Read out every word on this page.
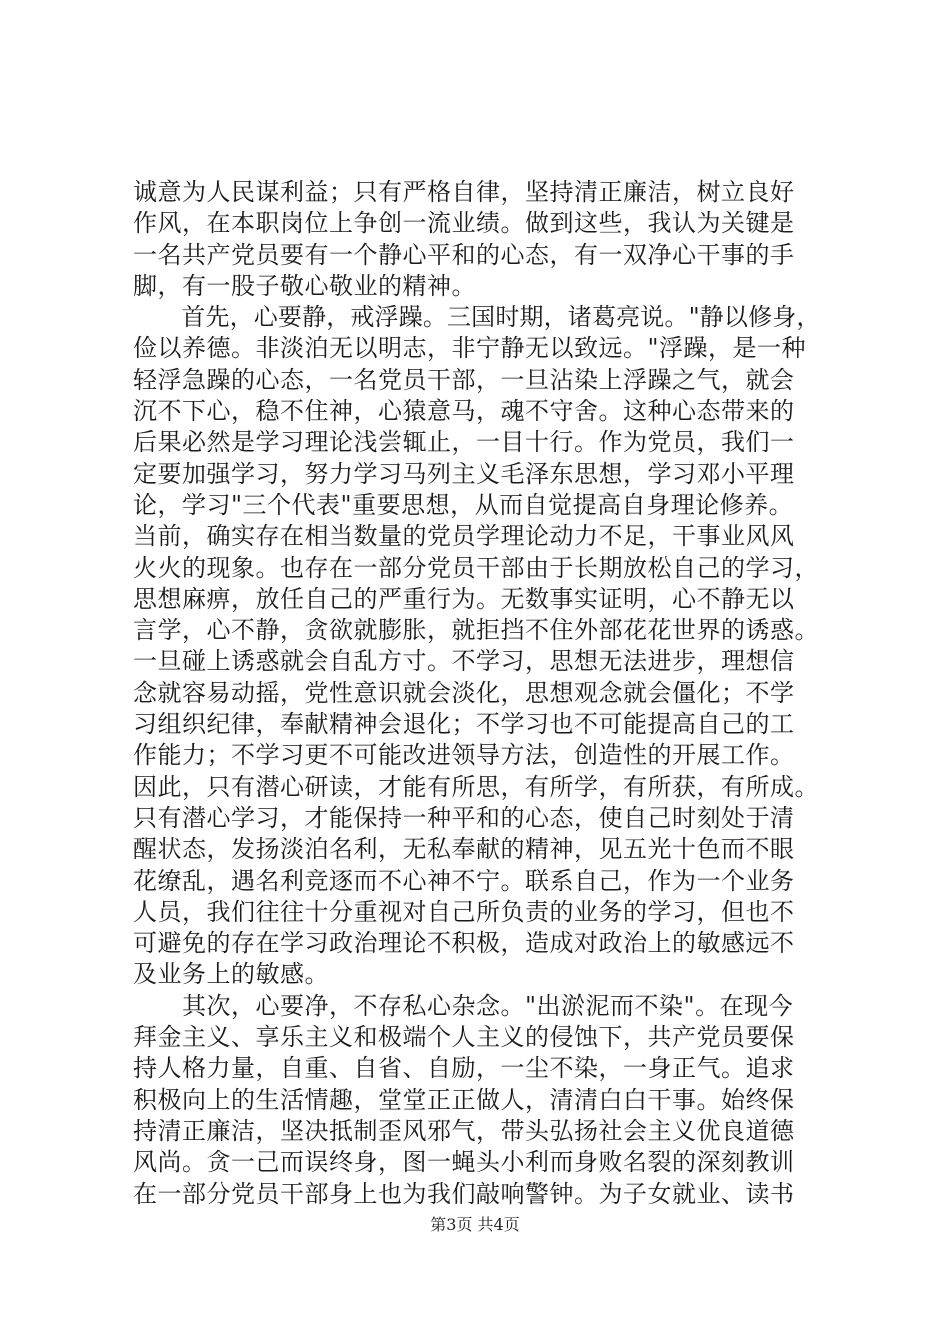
诚意为人民谋利益；只有严格自律，坚持清正廉洁，树立良好
作风，在本职岗位上争创一流业绩。做到这些，我认为关键是
一名共产党员要有一个静心平和的心态，有一双净心干事的手
脚，有一股子敬心敬业的精神。
　　首先，心要静，戒浮躁。三国时期，诸葛亮说。"静以修身，
俭以养德。非淡泊无以明志，非宁静无以致远。"浮躁，是一种
轻浮急躁的心态，一名党员干部，一旦沾染上浮躁之气，就会
沉不下心，稳不住神，心猿意马，魂不守舍。这种心态带来的
后果必然是学习理论浅尝辄止，一目十行。作为党员，我们一
定要加强学习，努力学习马列主义毛泽东思想，学习邓小平理
论，学习"三个代表"重要思想，从而自觉提高自身理论修养。
当前，确实存在相当数量的党员学理论动力不足，干事业风风
火火的现象。也存在一部分党员干部由于长期放松自己的学习，
思想麻痹，放任自己的严重行为。无数事实证明，心不静无以
言学，心不静，贪欲就膨胀，就拒挡不住外部花花世界的诱惑。
一旦碰上诱惑就会自乱方寸。不学习，思想无法进步，理想信
念就容易动摇，党性意识就会淡化，思想观念就会僵化；不学
习组织纪律，奉献精神会退化；不学习也不可能提高自己的工
作能力；不学习更不可能改进领导方法，创造性的开展工作。
因此，只有潜心研读，才能有所思，有所学，有所获，有所成。
只有潜心学习，才能保持一种平和的心态，使自己时刻处于清
醒状态，发扬淡泊名利，无私奉献的精神，见五光十色而不眼
花缭乱，遇名利竞逐而不心神不宁。联系自己，作为一个业务
人员，我们往往十分重视对自己所负责的业务的学习，但也不
可避免的存在学习政治理论不积极，造成对政治上的敏感远不
及业务上的敏感。
　　其次，心要净，不存私心杂念。"出淤泥而不染"。在现今
拜金主义、享乐主义和极端个人主义的侵蚀下，共产党员要保
持人格力量，自重、自省、自励，一尘不染，一身正气。追求
积极向上的生活情趣，堂堂正正做人，清清白白干事。始终保
持清正廉洁，坚决抵制歪风邪气，带头弘扬社会主义优良道德
风尚。贪一己而误终身，图一蝇头小利而身败名裂的深刻教训
在一部分党员干部身上也为我们敲响警钟。为子女就业、读书
第3页 共4页
